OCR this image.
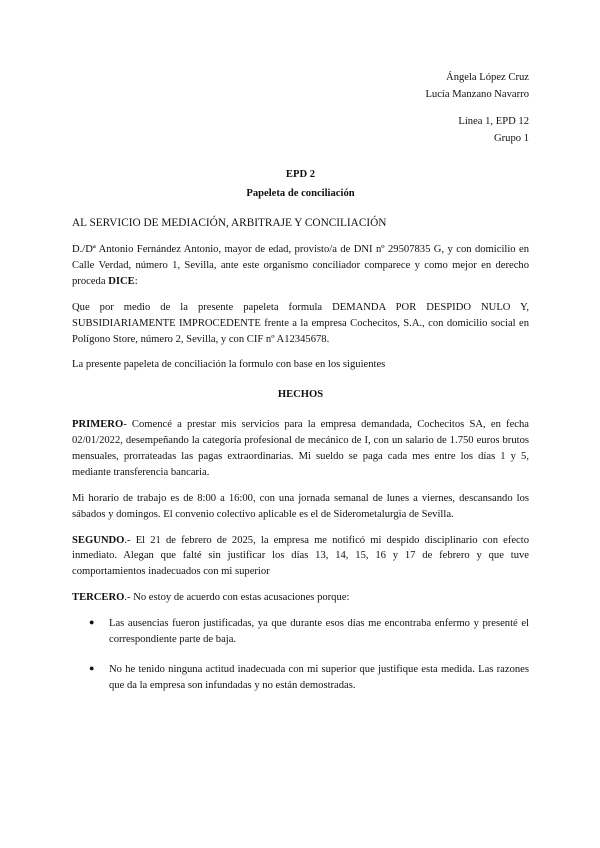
Ángela López Cruz

Lucía Manzano Navarro

Línea 1, EPD 12

Grupo 1

EPD 2

Papeleta de conciliación

AL SERVICIO DE MEDIACIÓN, ARBITRAJE Y CONCILIACIÓN

D./Dª Antonio Fernández Antonio, mayor de edad, provisto/a de DNI nº 29507835 G, y con domicilio en Calle Verdad, número 1, Sevilla, ante este organismo conciliador comparece y como mejor en derecho proceda DICE:

Que por medio de la presente papeleta formula DEMANDA POR DESPIDO NULO Y, SUBSIDIARIAMENTE IMPROCEDENTE frente a la empresa Cochecitos, S.A., con domicilio social en Polígono Store, número 2, Sevilla, y con CIF nº A12345678.

La presente papeleta de conciliación la formulo con base en los siguientes

HECHOS

PRIMERO- Comencé a prestar mis servicios para la empresa demandada, Cochecitos SA, en fecha 02/01/2022, desempeñando la categoría profesional de mecánico de I, con un salario de 1.750 euros brutos mensuales, prorrateadas las pagas extraordinarias. Mi sueldo se paga cada mes entre los días 1 y 5, mediante transferencia bancaria.

Mi horario de trabajo es de 8:00 a 16:00, con una jornada semanal de lunes a viernes, descansando los sábados y domingos. El convenio colectivo aplicable es el de Siderometalurgia de Sevilla.

SEGUNDO.- El 21 de febrero de 2025, la empresa me notificó mi despido disciplinario con efecto inmediato. Alegan que falté sin justificar los días 13, 14, 15, 16 y 17 de febrero y que tuve comportamientos inadecuados con mi superior

TERCERO.- No estoy de acuerdo con estas acusaciones porque:

● Las ausencias fueron justificadas, ya que durante esos días me encontraba enfermo y presenté el correspondiente parte de baja.
● No he tenido ninguna actitud inadecuada con mi superior que justifique esta medida. Las razones que da la empresa son infundadas y no están demostradas.
